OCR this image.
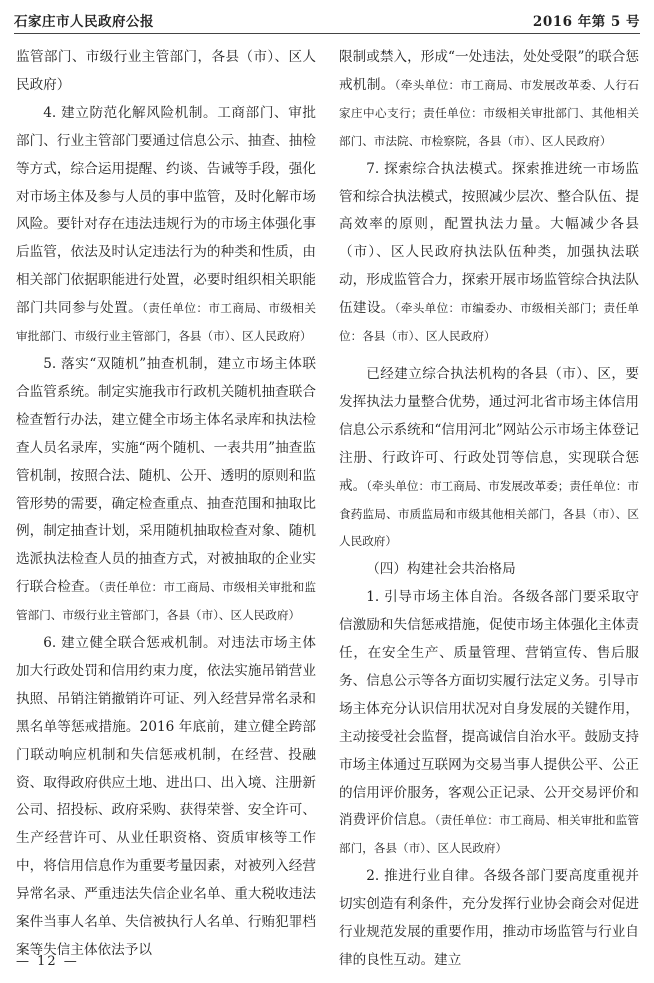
石家庄市人民政府公报	2016 年第 5 号

监管部门、市级行业主管部门，各县（市）、区人民政府）

4. 建立防范化解风险机制。工商部门、审批部门、行业主管部门要通过信息公示、抽查、抽检等方式，综合运用提醒、约谈、告诫等手段，强化对市场主体及参与人员的事中监管，及时化解市场风险。要针对存在违法违规行为的市场主体强化事后监管，依法及时认定违法行为的种类和性质，由相关部门依据职能进行处置，必要时组织相关职能部门共同参与处置。（责任单位：市工商局、市级相关审批部门、市级行业主管部门，各县（市）、区人民政府）

5. 落实“双随机”抽查机制，建立市场主体联合监管系统。制定实施我市行政机关随机抽查联合检查暂行办法，建立健全市场主体名录库和执法检查人员名录库，实施“两个随机、一表共用”抽查监管机制，按照合法、随机、公开、透明的原则和监管形势的需要，确定检查重点、抽查范围和抽取比例，制定抽查计划，采用随机抽取检查对象、随机选派执法检查人员的抽查方式，对被抽取的企业实行联合检查。（责任单位：市工商局、市级相关审批和监管部门、市级行业主管部门，各县（市）、区人民政府）

6. 建立健全联合惩戒机制。对违法市场主体加大行政处罚和信用约束力度，依法实施吊销营业执照、吊销注销撤销许可证、列入经营异常名录和黑名单等惩戒措施。2016 年底前，建立健全跨部门联动响应机制和失信惩戒机制，在经营、投融资、取得政府供应土地、进出口、出入境、注册新公司、招投标、政府采购、获得荣誉、安全许可、生产经营许可、从业任职资格、资质审核等工作中，将信用信息作为重要考量因素，对被列入经营异常名录、严重违法失信企业名单、重大税收违法案件当事人名单、失信被执行人名单、行贿犯罪档案等失信主体依法予以

限制或禁入，形成“一处违法，处处受限”的联合惩戒机制。（牵头单位：市工商局、市发展改革委、人行石家庄中心支行；责任单位：市级相关审批部门、其他相关部门、市法院、市检察院，各县（市）、区人民政府）

7. 探索综合执法模式。探索推进统一市场监管和综合执法模式，按照减少层次、整合队伍、提高效率的原则，配置执法力量。大幅减少各县（市）、区人民政府执法队伍种类，加强执法联动，形成监管合力，探索开展市场监管综合执法队伍建设。（牵头单位：市编委办、市级相关部门；责任单位：各县（市）、区人民政府）

已经建立综合执法机构的各县（市）、区，要发挥执法力量整合优势，通过河北省市场主体信用信息公示系统和“信用河北”网站公示市场主体登记注册、行政许可、行政处罚等信息，实现联合惩戒。（牵头单位：市工商局、市发展改革委；责任单位：市食药监局、市质监局和市级其他相关部门，各县（市）、区人民政府）

（四）构建社会共治格局

1. 引导市场主体自治。各级各部门要采取守信激励和失信惩戒措施，促使市场主体强化主体责任，在安全生产、质量管理、营销宣传、售后服务、信息公示等各方面切实履行法定义务。引导市场主体充分认识信用状况对自身发展的关键作用，主动接受社会监督，提高诚信自治水平。鼓励支持市场主体通过互联网为交易当事人提供公平、公正的信用评价服务，客观公正记录、公开交易评价和消费评价信息。（责任单位：市工商局、相关审批和监管部门，各县（市）、区人民政府）

2. 推进行业自律。各级各部门要高度重视并切实创造有利条件，充分发挥行业协会商会对促进行业规范发展的重要作用，推动市场监管与行业自律的良性互动。建立

— 12 —
